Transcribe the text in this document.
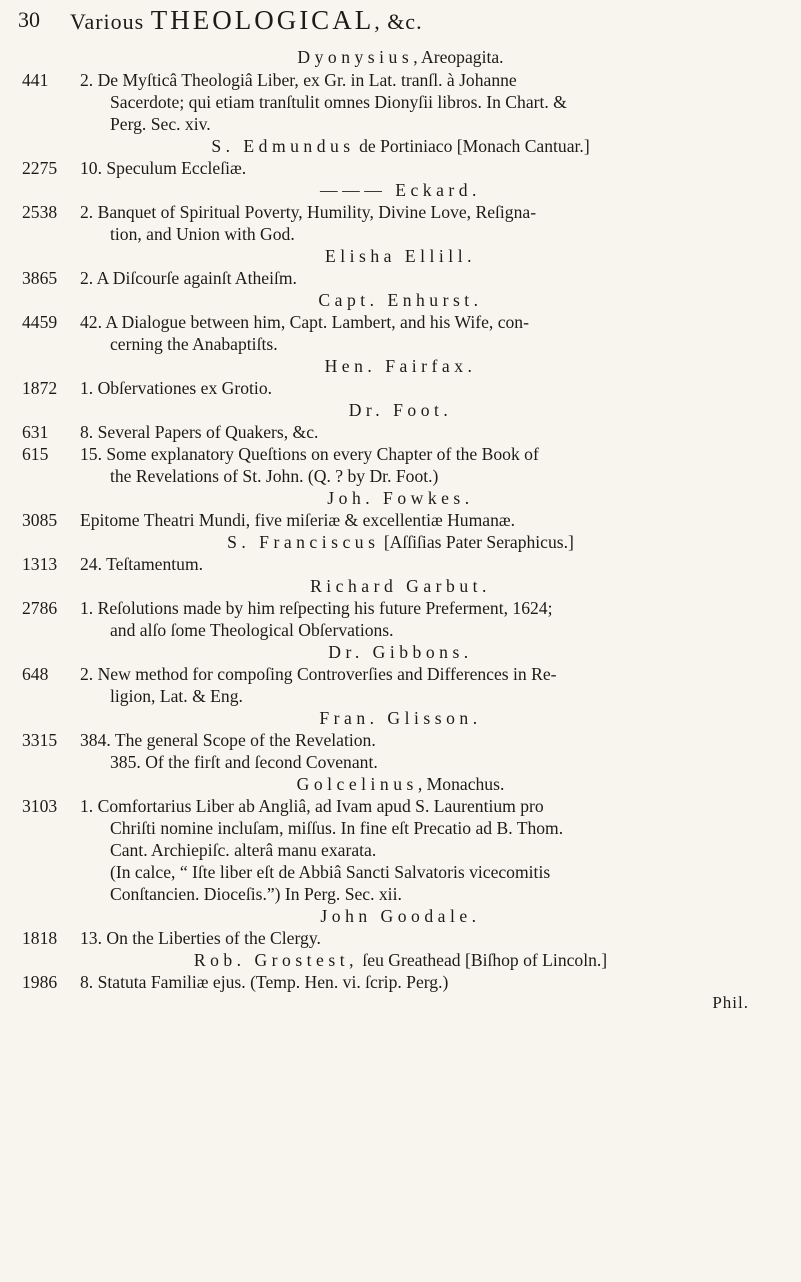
30 Various THEOLOGICAL, &c.
Dyonysius, Areopagita.
441	2. De Myſticâ Theologiâ Liber, ex Gr. in Lat. tranſl. à Johanne
Sacerdote; qui etiam tranſtulit omnes Dionyſii libros. In Chart. &
Perg. Sec. xiv.
S. Edmundus de Portiniaco [Monach Cantuar.]
2275	10. Speculum Eccleſiæ.
——— Eckard.
2538	2. Banquet of Spiritual Poverty, Humility, Divine Love, Reſigna-
tion, and Union with God.
Elisha Ellill.
3865	2. A Diſcourſe againſt Atheiſm.
Capt. Enhurst.
4459	42. A Dialogue between him, Capt. Lambert, and his Wife, con-
cerning the Anabaptiſts.
Hen. Fairfax.
1872	1. Obſervationes ex Grotio.
Dr. Foot.
631	8. Several Papers of Quakers, &c.
615	15. Some explanatory Queſtions on every Chapter of the Book of
the Revelations of St. John. (Q. ? by Dr. Foot.)
Joh. Fowkes.
3085	Epitome Theatri Mundi, five miſeriæ & excellentiæ Humanæ.
S. Franciscus [Aſſiſias Pater Seraphicus.]
1313	24. Teſtamentum.
Richard Garbut.
2786	1. Reſolutions made by him reſpecting his future Preferment, 1624;
and alſo ſome Theological Obſervations.
Dr. Gibbons.
648	2. New method for compoſing Controverſies and Differences in Re-
ligion, Lat. & Eng.
Fran. Glisson.
3315	384. The general Scope of the Revelation.
385. Of the firſt and ſecond Covenant.
Golcelinus, Monachus.
3103	1. Comfortarius Liber ab Angliâ, ad Ivam apud S. Laurentium pro
Chriſti nomine incluſam, miſſus. In fine eſt Precatio ad B. Thom.
Cant. Archiepiſc. alterâ manu exarata.
(In calce, “ Iſte liber eſt de Abbiâ Sancti Salvatoris vicecomitis
Conſtancien. Dioceſis.”) In Perg. Sec. xii.
John Goodale.
1818	13. On the Liberties of the Clergy.
Rob. Grostest, ſeu Greathead [Biſhop of Lincoln.]
1986	8. Statuta Familiæ ejus. (Temp. Hen. vi. ſcrip. Perg.)
Phil.
